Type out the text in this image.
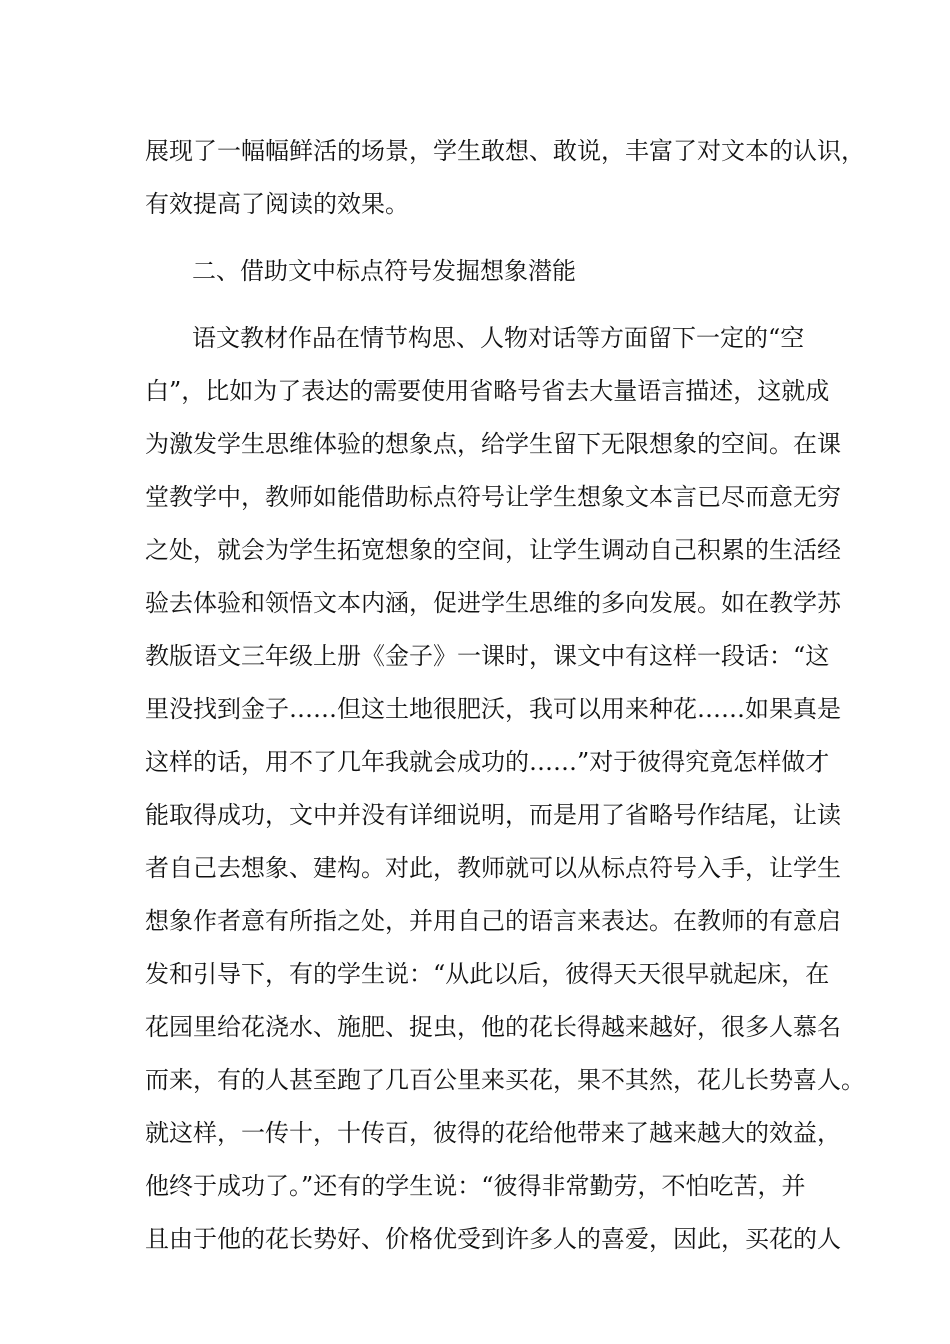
展现了一幅幅鲜活的场景，学生敢想、敢说，丰富了对文本的认识，
有效提高了阅读的效果。
二、借助文中标点符号发掘想象潜能
语文教材作品在情节构思、人物对话等方面留下一定的“空
白”，比如为了表达的需要使用省略号省去大量语言描述，这就成
为激发学生思维体验的想象点，给学生留下无限想象的空间。在课
堂教学中，教师如能借助标点符号让学生想象文本言已尽而意无穷
之处，就会为学生拓宽想象的空间，让学生调动自己积累的生活经
验去体验和领悟文本内涵，促进学生思维的多向发展。如在教学苏
教版语文三年级上册《金子》一课时，课文中有这样一段话：“这
里没找到金子……但这土地很肥沃，我可以用来种花……如果真是
这样的话，用不了几年我就会成功的……”对于彼得究竟怎样做才
能取得成功，文中并没有详细说明，而是用了省略号作结尾，让读
者自己去想象、建构。对此，教师就可以从标点符号入手，让学生
想象作者意有所指之处，并用自己的语言来表达。在教师的有意启
发和引导下，有的学生说：“从此以后，彼得天天很早就起床，在
花园里给花浇水、施肥、捉虫，他的花长得越来越好，很多人慕名
而来，有的人甚至跑了几百公里来买花，果不其然，花儿长势喜人。
就这样，一传十，十传百，彼得的花给他带来了越来越大的效益，
他终于成功了。”还有的学生说：“彼得非常勤劳，不怕吃苦，并
且由于他的花长势好、价格优受到许多人的喜爱，因此，买花的人
